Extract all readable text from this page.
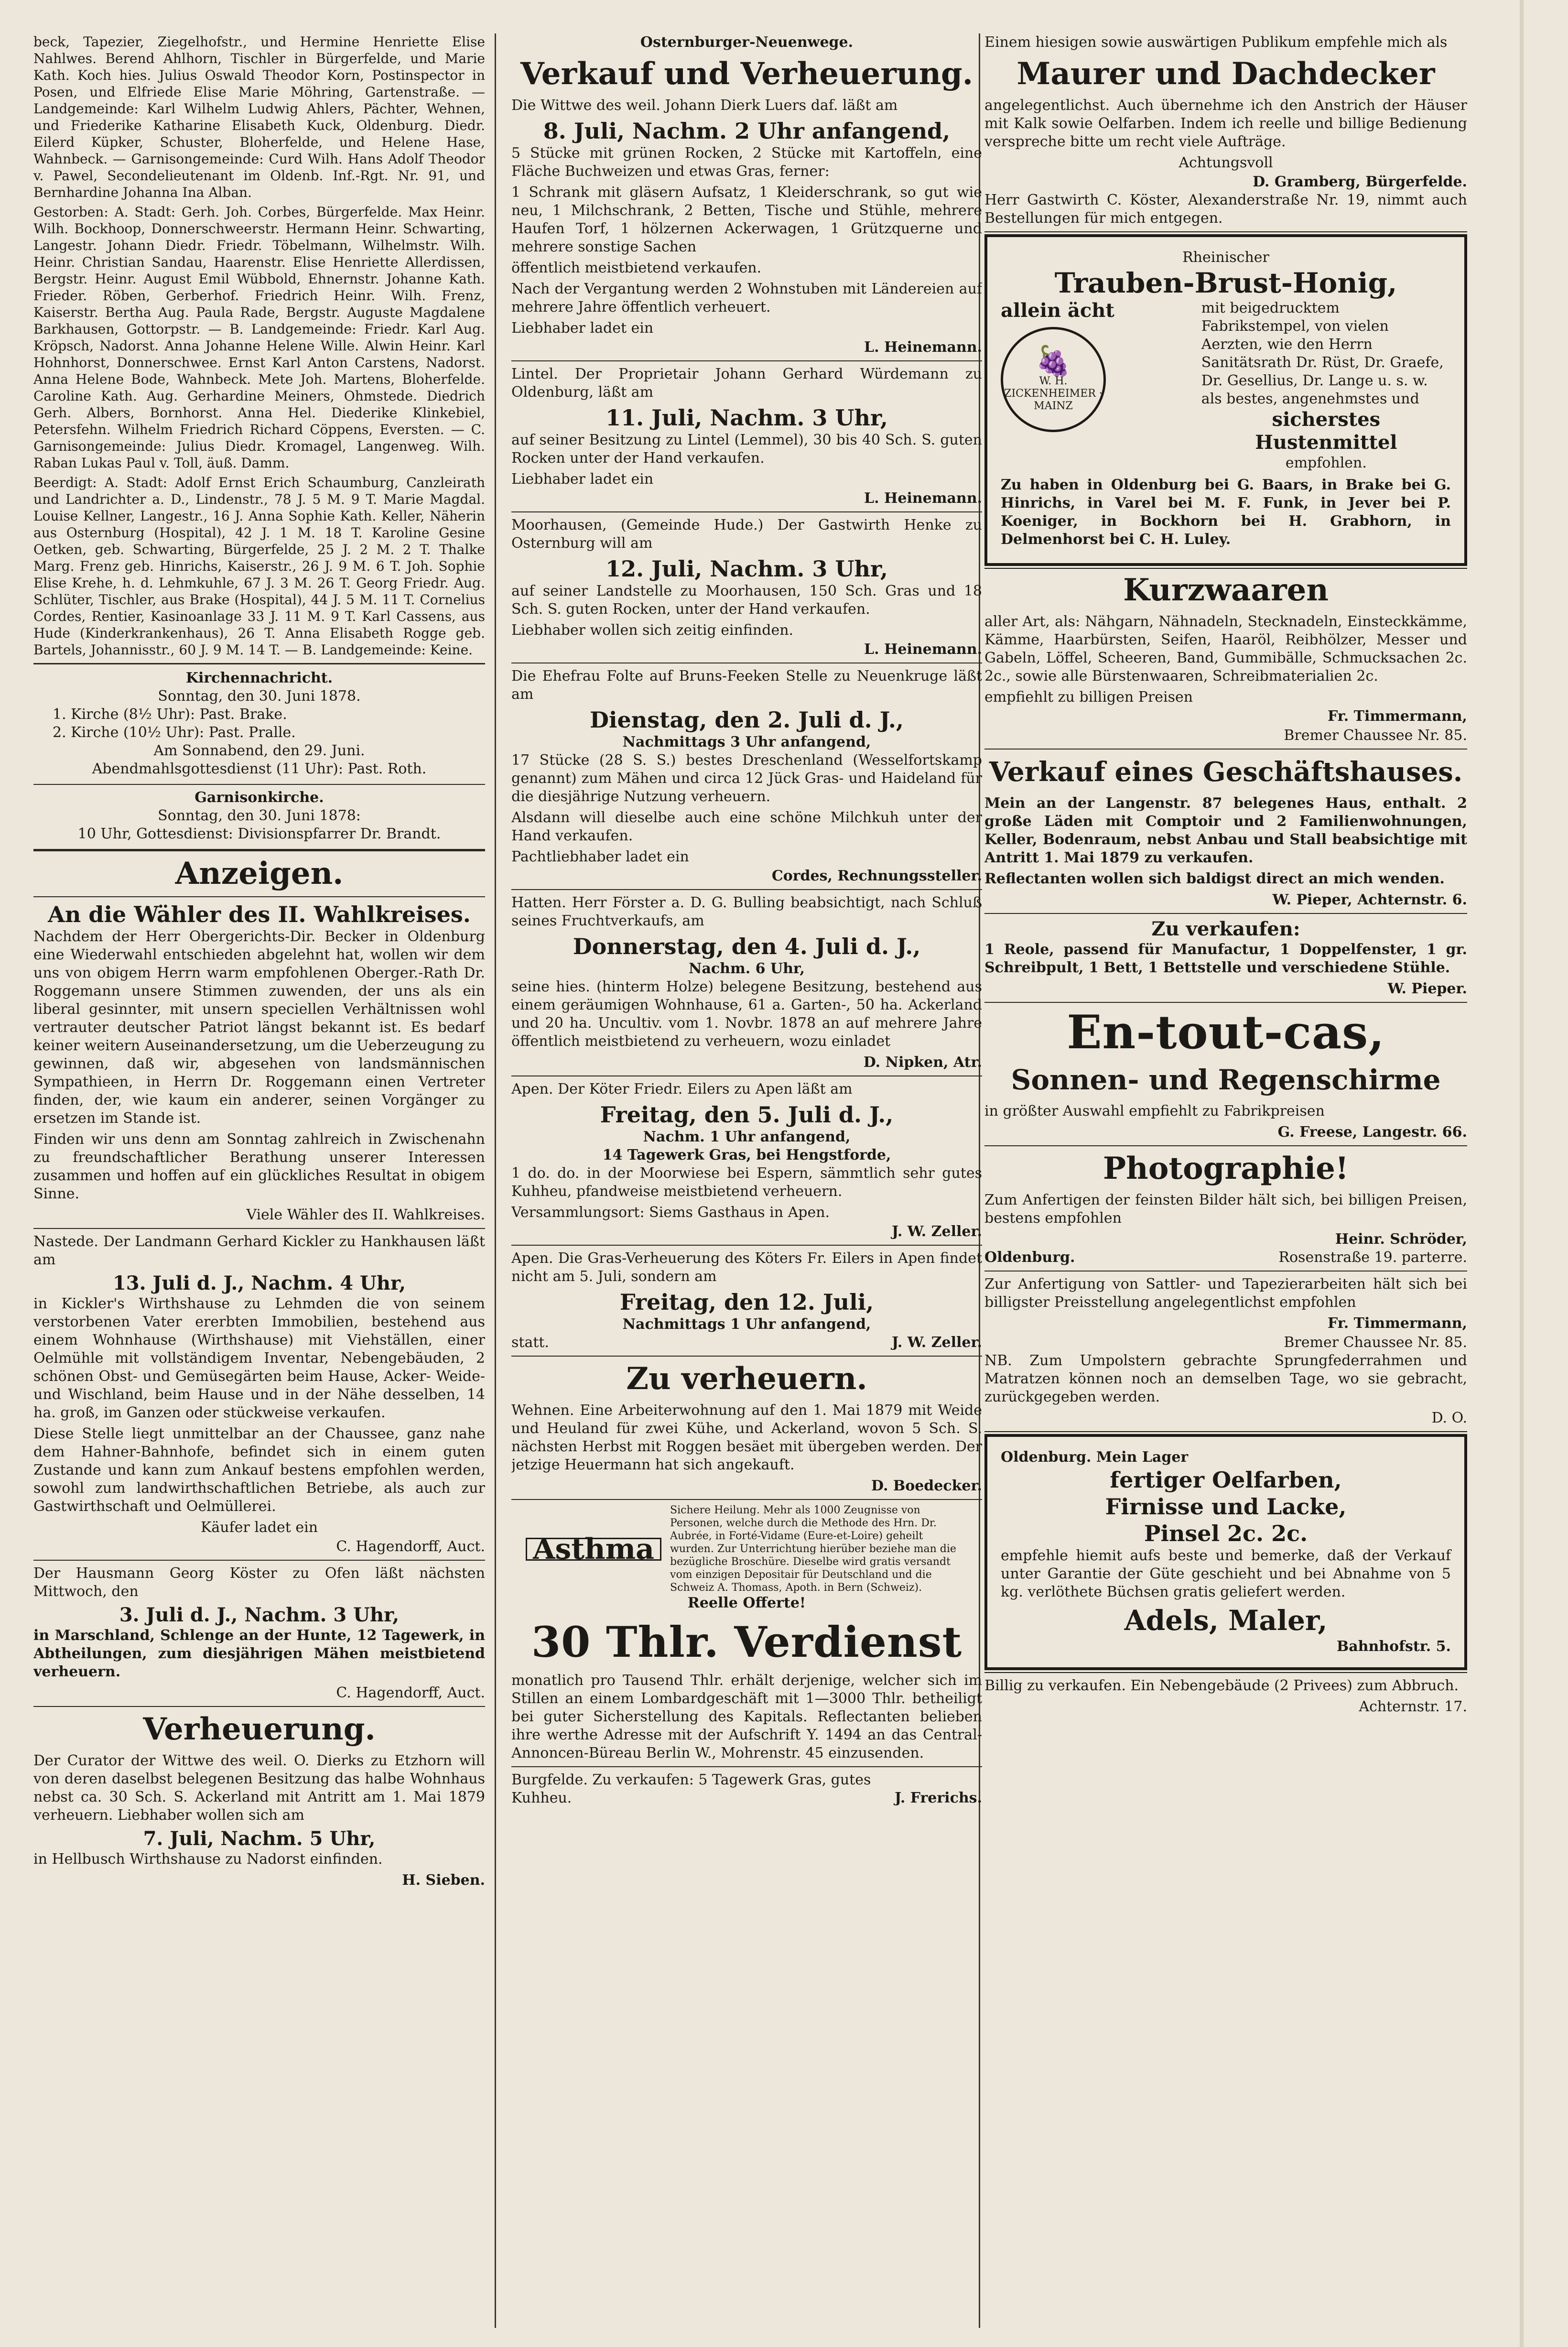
beck, Tapezier, Ziegelhofstr., und Hermine Henriette Elise Nahlwes. Berend Ahlhorn, Tischler in Bürgerfelde, und Marie Kath. Koch hies. Julius Oswald Theodor Korn, Postinspector in Posen, und Elfriede Elise Marie Möhring, Gartenstraße. — Landgemeinde: Karl Wilhelm Ludwig Ahlers, Pächter, Wehnen, und Friederike Katharine Elisabeth Kuck, Oldenburg. Diedr. Eilerd Küpker, Schuster, Bloherfelde, und Helene Hase, Wahnbeck. — Garnisongemeinde: Curd Wilh. Hans Adolf Theodor v. Pawel, Secondelieutenant im Oldenb. Inf.-Rgt. Nr. 91, und Bernhardine Johanna Ina Alban.

Gestorben: A. Stadt: Gerh. Joh. Corbes, Bürgerfelde. Max Heinr. Wilh. Bockhoop, Donnerschweerstr. Hermann Heinr. Schwarting, Langestr. Johann Diedr. Friedr. Töbelmann, Wilhelmstr. Wilh. Heinr. Christian Sandau, Haarenstr. Elise Henriette Allerdissen, Bergstr. Heinr. August Emil Wübbold, Ehnernstr. Johanne Kath. Frieder. Röben, Gerberhof. Friedrich Heinr. Wilh. Frenz, Kaiserstr. Bertha Aug. Paula Rade, Bergstr. Auguste Magdalene Barkhausen, Gottorpstr. — B. Landgemeinde: Friedr. Karl Aug. Kröpsch, Nadorst. Anna Johanne Helene Wille. Alwin Heinr. Karl Hohnhorst, Donnerschwee. Ernst Karl Anton Carstens, Nadorst. Anna Helene Bode, Wahnbeck. Mete Joh. Martens, Bloherfelde. Caroline Kath. Aug. Gerhardine Meiners, Ohmstede. Diedrich Gerh. Albers, Bornhorst. Anna Hel. Diederike Klinkebiel, Petersfehn. Wilhelm Friedrich Richard Cöppens, Eversten. — C. Garnisongemeinde: Julius Diedr. Kromagel, Langenweg. Wilh. Raban Lukas Paul v. Toll, äuß. Damm.

Beerdigt: A. Stadt: Adolf Ernst Erich Schaumburg, Canzleirath und Landrichter a. D., Lindenstr., 78 J. 5 M. 9 T. Marie Magdal. Louise Kellner, Langestr., 16 J. Anna Sophie Kath. Keller, Näherin aus Osternburg (Hospital), 42 J. 1 M. 18 T. Karoline Gesine Oetken, geb. Schwarting, Bürgerfelde, 25 J. 2 M. 2 T. Thalke Marg. Frenz geb. Hinrichs, Kaiserstr., 26 J. 9 M. 6 T. Joh. Sophie Elise Krehe, h. d. Lehmkuhle, 67 J. 3 M. 26 T. Georg Friedr. Aug. Schlüter, Tischler, aus Brake (Hospital), 44 J. 5 M. 11 T. Cornelius Cordes, Rentier, Kasinoanlage 33 J. 11 M. 9 T. Karl Cassens, aus Hude (Kinderkrankenhaus), 26 T. Anna Elisabeth Rogge geb. Bartels, Johannisstr., 60 J. 9 M. 14 T. — B. Landgemeinde: Keine.

Kirchennachricht.
Sonntag, den 30. Juni 1878.
1. Kirche (8½ Uhr): Past. Brake.
2. Kirche (10½ Uhr): Past. Pralle.
Am Sonnabend, den 29. Juni.
Abendmahlsgottesdienst (11 Uhr): Past. Roth.
Garnisonkirche.
Sonntag, den 30. Juni 1878:
10 Uhr, Gottesdienst: Divisionspfarrer Dr. Brandt.
Anzeigen.
An die Wähler des II. Wahlkreises.

Nachdem der Herr Obergerichts-Dir. Becker in Oldenburg eine Wiederwahl entschieden abgelehnt hat, wollen wir dem uns von obigem Herrn warm empfohlenen Oberger.-Rath Dr. Roggemann unsere Stimmen zuwenden, der uns als ein liberal gesinnter, mit unsern speciellen Verhältnissen wohl vertrauter deutscher Patriot längst bekannt ist. Es bedarf keiner weitern Auseinandersetzung, um die Ueberzeugung zu gewinnen, daß wir, abgesehen von landsmännischen Sympathieen, in Herrn Dr. Roggemann einen Vertreter finden, der, wie kaum ein anderer, seinen Vorgänger zu ersetzen im Stande ist.

Finden wir uns denn am Sonntag zahlreich in Zwischenahn zu freundschaftlicher Berathung unserer Interessen zusammen und hoffen auf ein glückliches Resultat in obigem Sinne.

Viele Wähler des II. Wahlkreises.

Nastede. Der Landmann Gerhard Kickler zu Hankhausen läßt am

13. Juli d. J., Nachm. 4 Uhr,

in Kickler's Wirthshause zu Lehmden die von seinem verstorbenen Vater ererbten Immobilien, bestehend aus einem Wohnhause (Wirthshause) mit Viehställen, einer Oelmühle mit vollständigem Inventar, Nebengebäuden, 2 schönen Obst- und Gemüsegärten beim Hause, Acker- Weide- und Wischland, beim Hause und in der Nähe desselben, 14 ha. groß, im Ganzen oder stückweise verkaufen.

Diese Stelle liegt unmittelbar an der Chaussee, ganz nahe dem Hahner-Bahnhofe, befindet sich in einem guten Zustande und kann zum Ankauf bestens empfohlen werden, sowohl zum landwirthschaftlichen Betriebe, als auch zur Gastwirthschaft und Oelmüllerei.

Käufer ladet ein
C. Hagendorff, Auct.

Der Hausmann Georg Köster zu Ofen läßt nächsten Mittwoch, den

3. Juli d. J., Nachm. 3 Uhr,

in Marschland, Schlenge an der Hunte, 12 Tagewerk, in Abtheilungen, zum diesjährigen Mähen meistbietend verheuern.

C. Hagendorff, Auct.
Verheuerung.

Der Curator der Wittwe des weil. O. Dierks zu Etzhorn will von deren daselbst belegenen Besitzung das halbe Wohnhaus nebst ca. 30 Sch. S. Ackerland mit Antritt am 1. Mai 1879 verheuern. Liebhaber wollen sich am

7. Juli, Nachm. 5 Uhr,

in Hellbusch Wirthshause zu Nadorst einfinden.

H. Sieben.
Osternburger-Neuenwege.
Verkauf und Verheuerung.

Die Wittwe des weil. Johann Dierk Luers daf. läßt am

8. Juli, Nachm. 2 Uhr anfangend,

5 Stücke mit grünen Rocken, 2 Stücke mit Kartoffeln, eine Fläche Buchweizen und etwas Gras, ferner:

1 Schrank mit gläsern Aufsatz, 1 Kleiderschrank, so gut wie neu, 1 Milchschrank, 2 Betten, Tische und Stühle, mehrere Haufen Torf, 1 hölzernen Ackerwagen, 1 Grützquerne und mehrere sonstige Sachen

öffentlich meistbietend verkaufen.

Nach der Vergantung werden 2 Wohnstuben mit Ländereien auf mehrere Jahre öffentlich verheuert.

Liebhaber ladet ein
L. Heinemann.

Lintel. Der Proprietair Johann Gerhard Würdemann zu Oldenburg, läßt am

11. Juli, Nachm. 3 Uhr,

auf seiner Besitzung zu Lintel (Lemmel), 30 bis 40 Sch. S. guten Rocken unter der Hand verkaufen.

Liebhaber ladet ein
L. Heinemann.

Moorhausen, (Gemeinde Hude.) Der Gastwirth Henke zu Osternburg will am

12. Juli, Nachm. 3 Uhr,

auf seiner Landstelle zu Moorhausen, 150 Sch. Gras und 18 Sch. S. guten Rocken, unter der Hand verkaufen.

Liebhaber wollen sich zeitig einfinden.
L. Heinemann.

Die Ehefrau Folte auf Bruns-Feeken Stelle zu Neuenkruge läßt am

Dienstag, den 2. Juli d. J.,
Nachmittags 3 Uhr anfangend,

17 Stücke (28 S. S.) bestes Dreschenland (Wesselfortskamp genannt) zum Mähen und circa 12 Jück Gras- und Haideland für die diesjährige Nutzung verheuern.

Alsdann will dieselbe auch eine schöne Milchkuh unter der Hand verkaufen.

Pachtliebhaber ladet ein
Cordes, Rechnungssteller.

Hatten. Herr Förster a. D. G. Bulling beabsichtigt, nach Schluß seines Fruchtverkaufs, am

Donnerstag, den 4. Juli d. J.,
Nachm. 6 Uhr,

seine hies. (hinterm Holze) belegene Besitzung, bestehend aus einem geräumigen Wohnhause, 61 a. Garten-, 50 ha. Ackerland und 20 ha. Uncultiv. vom 1. Novbr. 1878 an auf mehrere Jahre öffentlich meistbietend zu verheuern, wozu einladet

D. Nipken, Atr.

Apen. Der Köter Friedr. Eilers zu Apen läßt am

Freitag, den 5. Juli d. J.,
Nachm. 1 Uhr anfangend,
14 Tagewerk Gras, bei Hengstforde,

1 do. do. in der Moorwiese bei Espern, sämmtlich sehr gutes Kuhheu, pfandweise meistbietend verheuern.

Versammlungsort: Siems Gasthaus in Apen.
J. W. Zeller.

Apen. Die Gras-Verheuerung des Köters Fr. Eilers in Apen findet nicht am 5. Juli, sondern am

Freitag, den 12. Juli,
Nachmittags 1 Uhr anfangend,
statt.	J. W. Zeller.
Zu verheuern.

Wehnen. Eine Arbeiterwohnung auf den 1. Mai 1879 mit Weide und Heuland für zwei Kühe, und Ackerland, wovon 5 Sch. S. nächsten Herbst mit Roggen besäet mit übergeben werden. Der jetzige Heuermann hat sich angekauft.

D. Boedecker.
Asthma
Sichere Heilung. Mehr als 1000 Zeugnisse von Personen, welche durch die Methode des Hrn. Dr. Aubrée, in Forté-Vidame (Eure-et-Loire) geheilt wurden. Zur Unterrichtung hierüber beziehe man die bezügliche Broschüre. Dieselbe wird gratis versandt vom einzigen Depositair für Deutschland und die Schweiz A. Thomass, Apoth. in Bern (Schweiz).
Reelle Offerte!
30 Thlr. Verdienst

monatlich pro Tausend Thlr. erhält derjenige, welcher sich im Stillen an einem Lombardgeschäft mit 1—3000 Thlr. betheiligt bei guter Sicherstellung des Kapitals. Reflectanten belieben ihre werthe Adresse mit der Aufschrift Y. 1494 an das Central-Annoncen-Büreau Berlin W., Mohrenstr. 45 einzusenden.

Burgfelde. Zu verkaufen: 5 Tagewerk Gras, gutes Kuhheu.	J. Frerichs.

Einem hiesigen sowie auswärtigen Publikum empfehle mich als

Maurer und Dachdecker

angelegentlichst. Auch übernehme ich den Anstrich der Häuser mit Kalk sowie Oelfarben. Indem ich reelle und billige Bedienung verspreche bitte um recht viele Aufträge.

Achtungsvoll
D. Gramberg, Bürgerfelde.

Herr Gastwirth C. Köster, Alexanderstraße Nr. 19, nimmt auch Bestellungen für mich entgegen.

Rheinischer
Trauben-Brust-Honig,
allein ächt
🍇
W. H. ZICKENHEIMER · MAINZ
mit beigedrucktem Fabrikstempel, von vielen Aerzten, wie den Herrn Sanitätsrath Dr. Rüst, Dr. Graefe, Dr. Gesellius, Dr. Lange u. s. w. als bestes, angenehmstes und
sicherstes
Hustenmittel
empfohlen.

Zu haben in Oldenburg bei G. Baars, in Brake bei G. Hinrichs, in Varel bei M. F. Funk, in Jever bei P. Koeniger, in Bockhorn bei H. Grabhorn, in Delmenhorst bei C. H. Luley.

Kurzwaaren

aller Art, als: Nähgarn, Nähnadeln, Stecknadeln, Einsteckkämme, Kämme, Haarbürsten, Seifen, Haaröl, Reibhölzer, Messer und Gabeln, Löffel, Scheeren, Band, Gummibälle, Schmucksachen 2c. 2c., sowie alle Bürstenwaaren, Schreibmaterialien 2c.

empfiehlt zu billigen Preisen
Fr. Timmermann,
Bremer Chaussee Nr. 85.
Verkauf eines Geschäftshauses.

Mein an der Langenstr. 87 belegenes Haus, enthalt. 2 große Läden mit Comptoir und 2 Familienwohnungen, Keller, Bodenraum, nebst Anbau und Stall beabsichtige mit Antritt 1. Mai 1879 zu verkaufen.

Reflectanten wollen sich baldigst direct an mich wenden.

W. Pieper, Achternstr. 6.
Zu verkaufen:

1 Reole, passend für Manufactur, 1 Doppelfenster, 1 gr. Schreibpult, 1 Bett, 1 Bettstelle und verschiedene Stühle.

W. Pieper.
En-tout-cas,
Sonnen- und Regenschirme

in größter Auswahl empfiehlt zu Fabrikpreisen

G. Freese, Langestr. 66.
Photographie!

Zum Anfertigen der feinsten Bilder hält sich, bei billigen Preisen, bestens empfohlen

Heinr. Schröder,
Oldenburg.	Rosenstraße 19. parterre.

Zur Anfertigung von Sattler- und Tapezierarbeiten hält sich bei billigster Preisstellung angelegentlichst empfohlen

Fr. Timmermann,
Bremer Chaussee Nr. 85.

NB. Zum Umpolstern gebrachte Sprungfederrahmen und Matratzen können noch an demselben Tage, wo sie gebracht, zurückgegeben werden.

D. O.
Oldenburg. Mein Lager
fertiger Oelfarben,
Firnisse und Lacke,
Pinsel 2c. 2c.

empfehle hiemit aufs beste und bemerke, daß der Verkauf unter Garantie der Güte geschieht und bei Abnahme von 5 kg. verlöthete Büchsen gratis geliefert werden.

Adels, Maler,
Bahnhofstr. 5.

Billig zu verkaufen. Ein Nebengebäude (2 Privees) zum Abbruch.

Achternstr. 17.
